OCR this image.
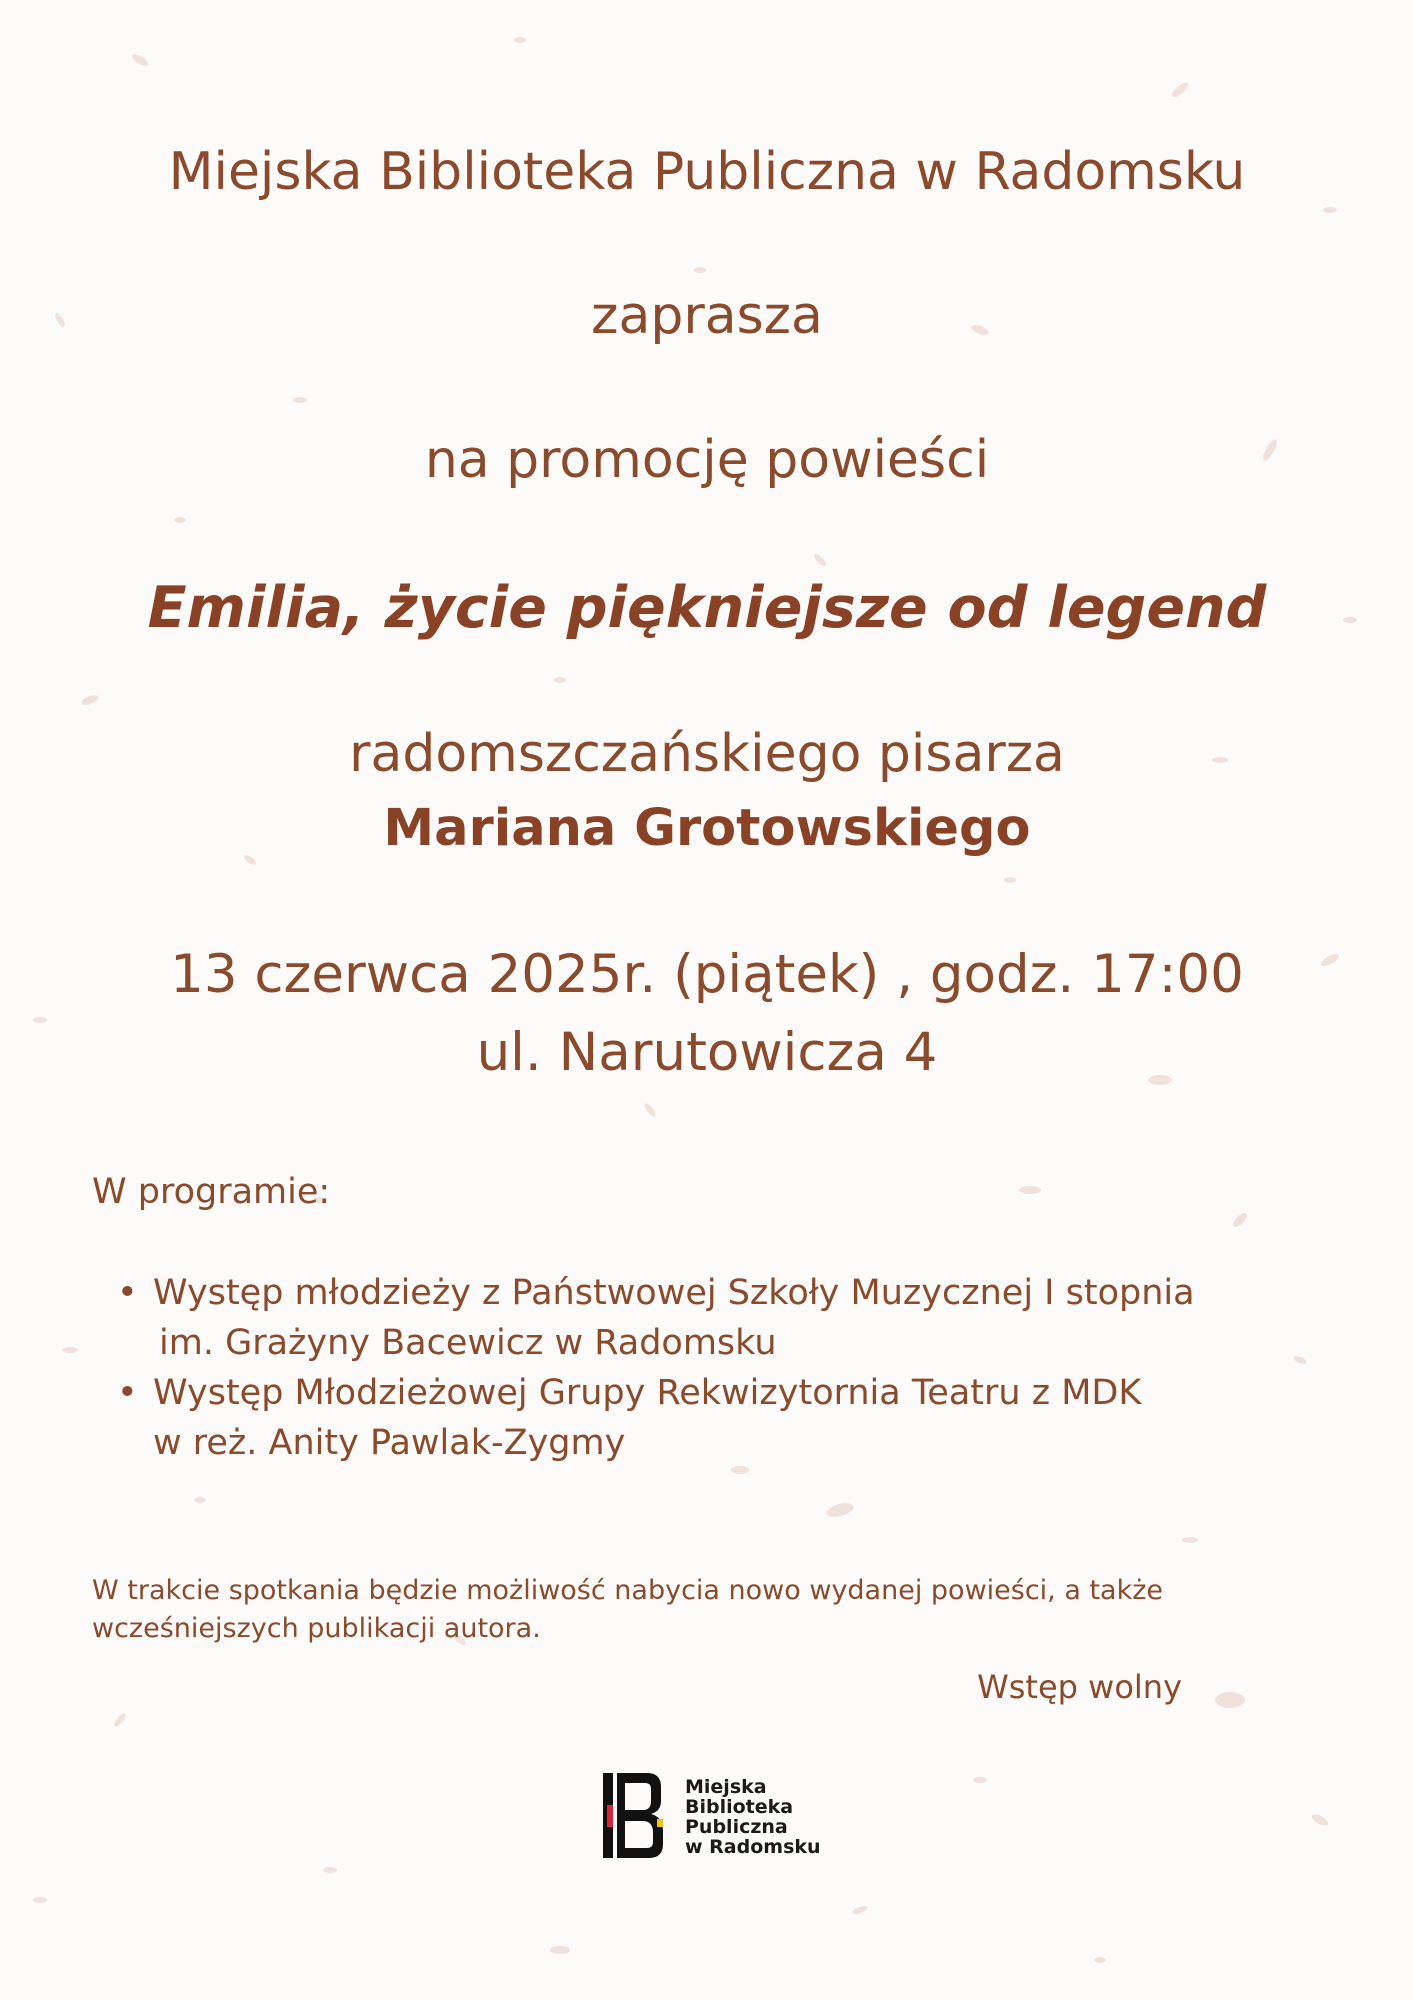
Miejska Biblioteka Publiczna w Radomsku
zaprasza
na promocję powieści
Emilia, życie piękniejsze od legend
radomszczańskiego pisarza
Mariana Grotowskiego
13 czerwca 2025r. (piątek) , godz. 17:00
ul. Narutowicza 4
W programie:
• Występ młodzieży z Państwowej Szkoły Muzycznej I stopnia
im. Grażyny Bacewicz w Radomsku
• Występ Młodzieżowej Grupy Rekwizytornia Teatru z MDK
w reż. Anity Pawlak-Zygmy
W trakcie spotkania będzie możliwość nabycia nowo wydanej powieści, a także
wcześniejszych publikacji autora.
Wstęp wolny
Miejska
Biblioteka
Publiczna
w Radomsku
